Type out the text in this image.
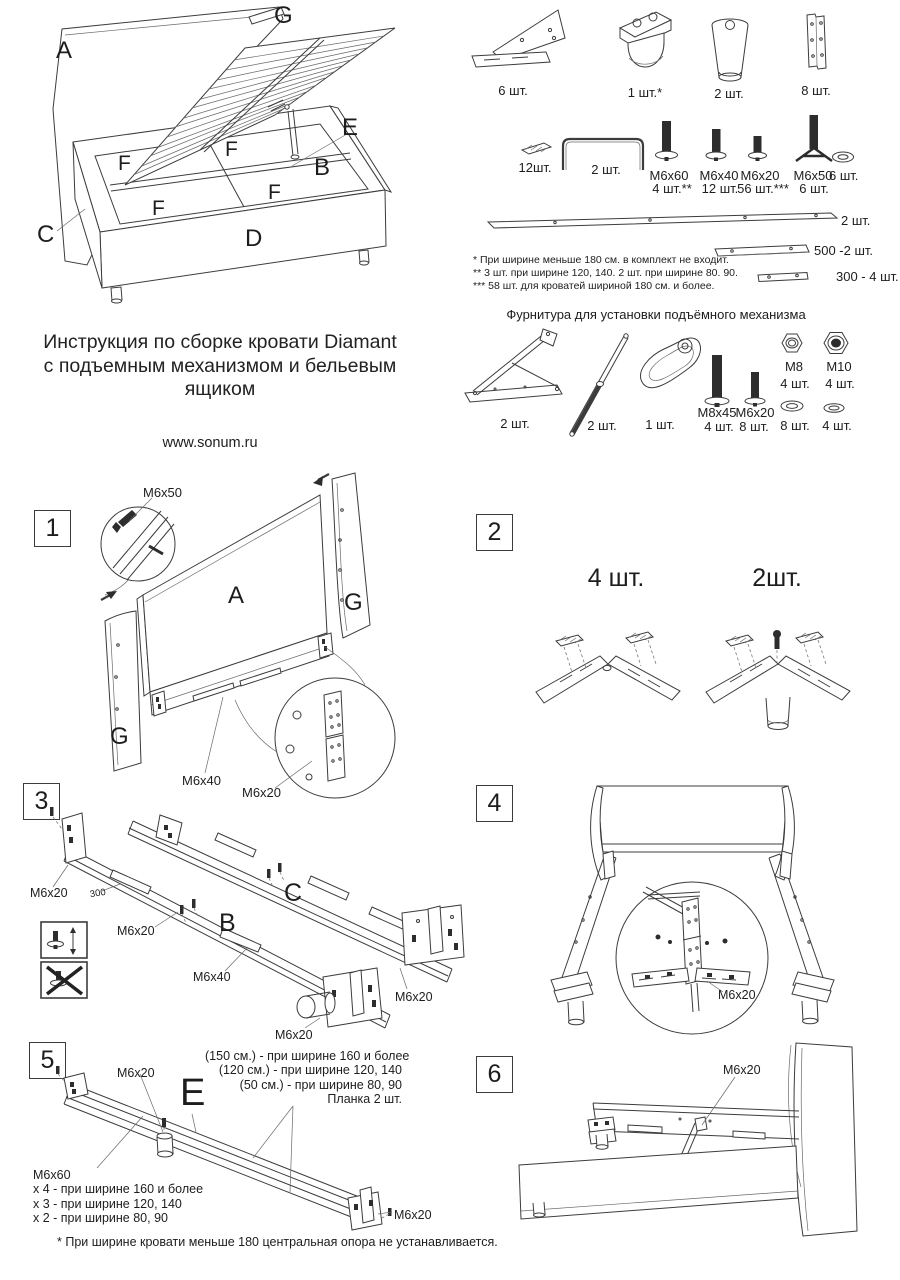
A
G
E
B
C	D
F
F
F
F
6 шт.	1 шт.*	2 шт.	8 шт.
12шт.	2 шт.	M6x60
4 шт.**
M6x40
12 шт.
M6x20
56 шт.***
M6x50
6 шт.
6 шт.
2 шт.
500 -2 шт.
300 - 4 шт.
* При ширине меньше 180 см. в комплект не входит.
** 3 шт. при ширине 120, 140. 2 шт. при ширине 80. 90.
*** 58 шт. для кроватей шириной 180 см. и более.
Фурнитура для установки подъёмного механизма
2 шт.	2 шт.	1 шт.
M8x45
4 шт.
M6x20
8 шт.
М8
4 шт.
М10
4 шт.
8 шт. 4 шт.
Инструкция по сборке кровати Diamant
с подъемным механизмом и бельевым ящиком
www.sonum.ru
1
M6x50
A	G
G
M6x40
M6x20
2
4 шт.	2шт.
3
M6x20 300
M6x20	B
C
M6x40
M6x20
M6x20
4
M6x20
5	M6x20 E
(150 см.) - при ширине 160 и более
(120 см.) - при ширине 120, 140
(50 см.) - при ширине 80, 90
Планка 2 шт.
M6x60
x 4 - при ширине 160 и более
x 3 - при ширине 120, 140
x 2 - при ширине 80, 90	M6x20
* При ширине кровати меньше 180 центральная опора не устанавливается.
6	M6x20
